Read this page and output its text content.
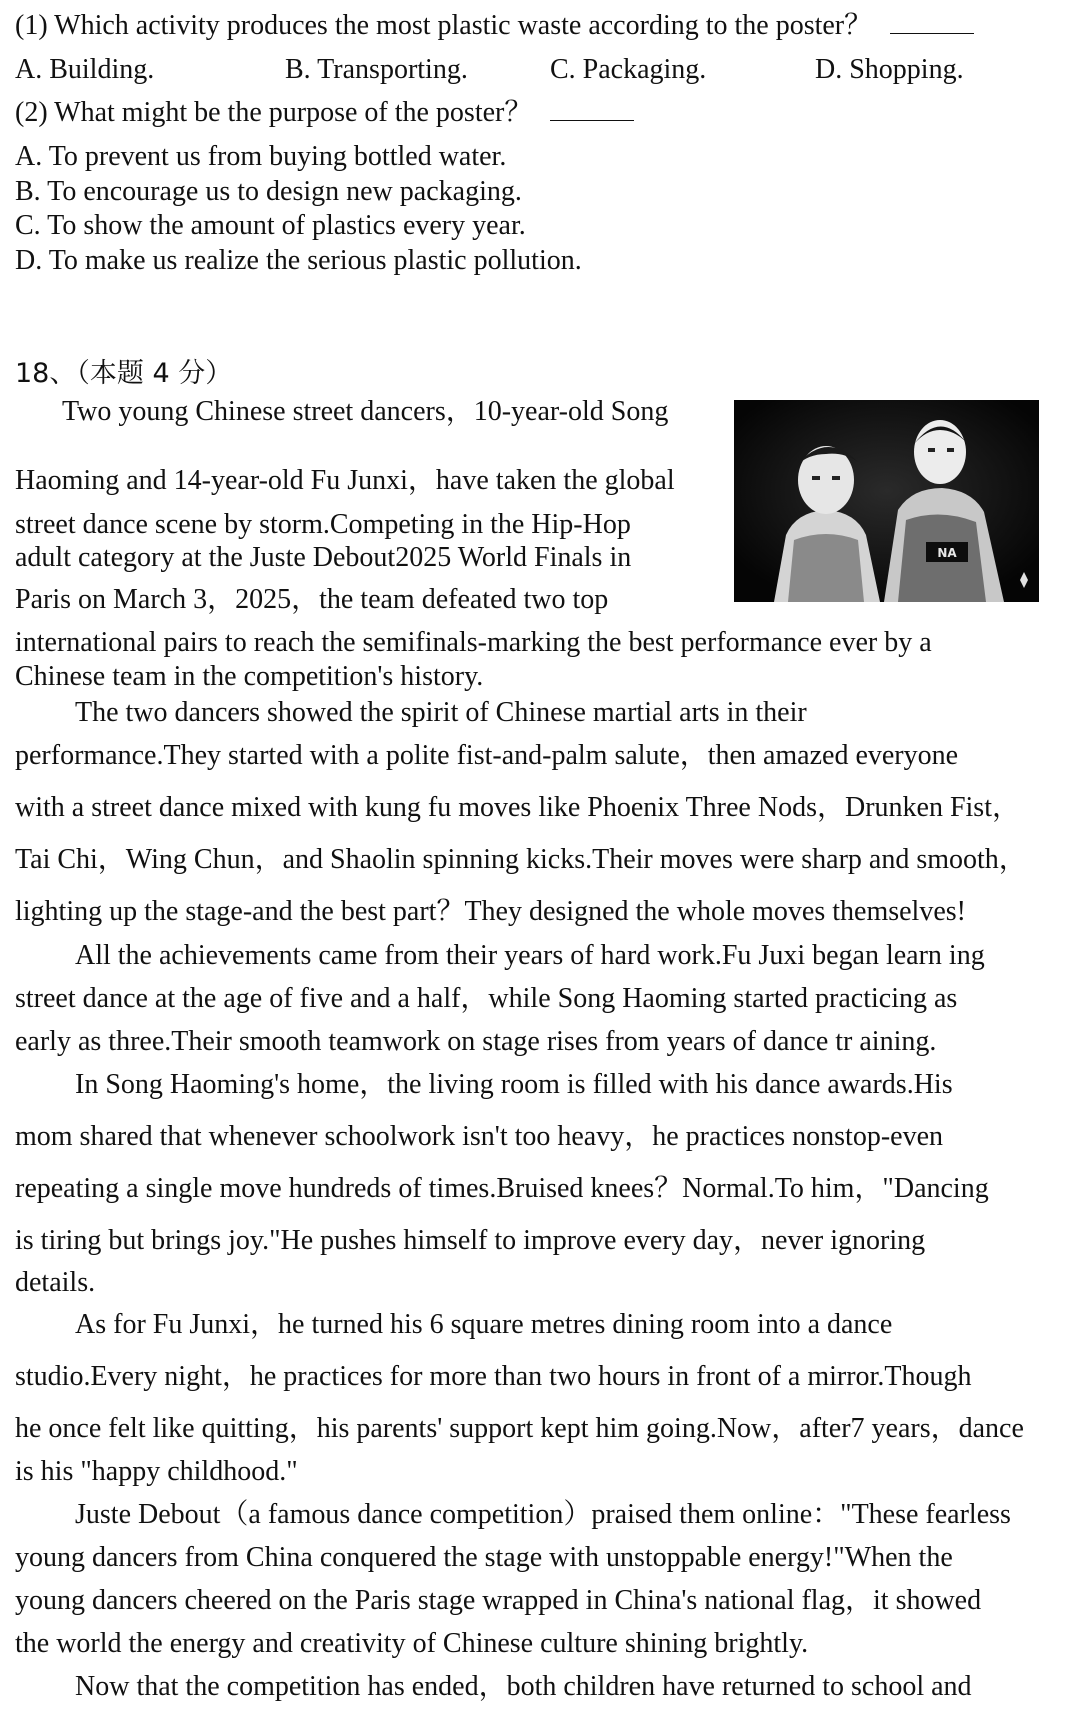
(1) Which activity produces the most plastic waste according to the poster？
A. Building.	B. Transporting.	C. Packaging.	D. Shopping.
(2) What might be the purpose of the poster？
A. To prevent us from buying bottled water.
B. To encourage us to design new packaging.
C. To show the amount of plastics every year.
D. To make us realize the serious plastic pollution.
18、（本题 4 分）
NA
Two young Chinese street dancers，10-year-old Song
Haoming and 14-year-old Fu Junxi，have taken the global
street dance scene by storm.Competing in the Hip-Hop
adult category at the Juste Debout2025 World Finals in
Paris on March 3，2025，the team defeated two top
international pairs to reach the semifinals-marking the best performance ever by a
Chinese team in the competition's history.
The two dancers showed the spirit of Chinese martial arts in their
performance.They started with a polite fist-and-palm salute，then amazed everyone
with a street dance mixed with kung fu moves like Phoenix Three Nods，Drunken Fist，
Tai Chi，Wing Chun，and Shaolin spinning kicks.Their moves were sharp and smooth，
lighting up the stage-and the best part？They designed the whole moves themselves!
All the achievements came from their years of hard work.Fu Juxi began learn ing
street dance at the age of five and a half，while Song Haoming started practicing as
early as three.Their smooth teamwork on stage rises from years of dance tr aining.
In Song Haoming's home，the living room is filled with his dance awards.His
mom shared that whenever schoolwork isn't too heavy，he practices nonstop-even
repeating a single move hundreds of times.Bruised knees？Normal.To him，"Dancing
is tiring but brings joy."He pushes himself to improve every day，never ignoring
details.
As for Fu Junxi，he turned his 6 square metres dining room into a dance
studio.Every night，he practices for more than two hours in front of a mirror.Though
he once felt like quitting，his parents' support kept him going.Now，after7 years，dance
is his "happy childhood."
Juste Debout（a famous dance competition）praised them online："These fearless
young dancers from China conquered the stage with unstoppable energy!"When the
young dancers cheered on the Paris stage wrapped in China's national flag，it showed
the world the energy and creativity of Chinese culture shining brightly.
Now that the competition has ended，both children have returned to school and
